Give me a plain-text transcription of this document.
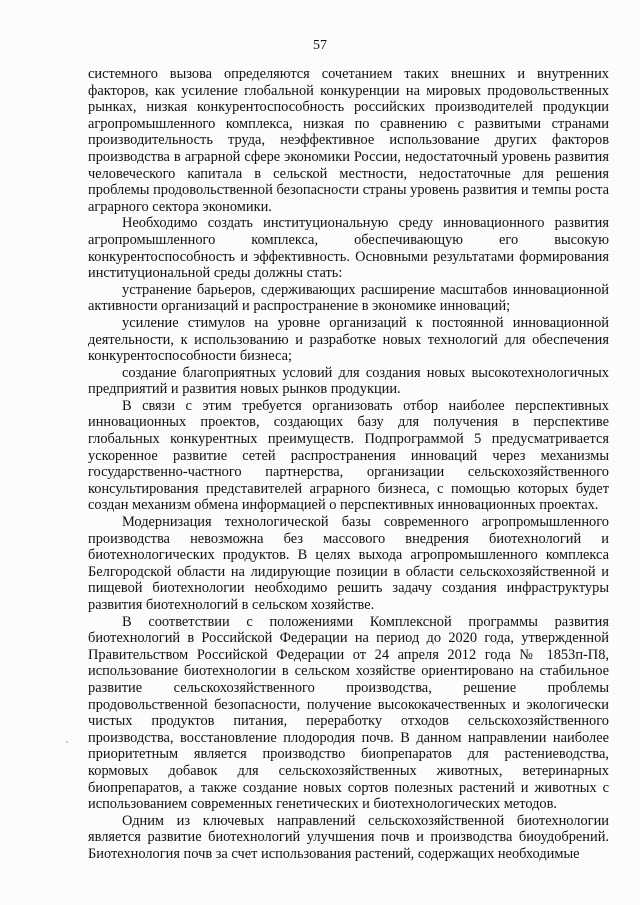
57

системного вызова определяются сочетанием таких внешних и внутренних факторов, как усиление глобальной конкуренции на мировых продовольственных рынках, низкая конкурентоспособность российских производителей продукции агропромышленного комплекса, низкая по сравнению с развитыми странами производительность труда, неэффективное использование других факторов производства в аграрной сфере экономики России, недостаточный уровень развития человеческого капитала в сельской местности, недостаточные для решения проблемы продовольственной безопасности страны уровень развития и темпы роста аграрного сектора экономики.

Необходимо создать институциональную среду инновационного развития агропромышленного комплекса, обеспечивающую его высокую конкурентоспособность и эффективность. Основными результатами формирования институциональной среды должны стать:

устранение барьеров, сдерживающих расширение масштабов инновационной активности организаций и распространение в экономике инноваций;

усиление стимулов на уровне организаций к постоянной инновационной деятельности, к использованию и разработке новых технологий для обеспечения конкурентоспособности бизнеса;

создание благоприятных условий для создания новых высокотехнологичных предприятий и развития новых рынков продукции.

В связи с этим требуется организовать отбор наиболее перспективных инновационных проектов, создающих базу для получения в перспективе глобальных конкурентных преимуществ. Подпрограммой 5 предусматривается ускоренное развитие сетей распространения инноваций через механизмы государственно-частного партнерства, организации сельскохозяйственного консультирования представителей аграрного бизнеса, с помощью которых будет создан механизм обмена информацией о перспективных инновационных проектах.

Модернизация технологической базы современного агропромышленного производства невозможна без массового внедрения биотехнологий и биотехнологических продуктов. В целях выхода агропромышленного комплекса Белгородской области на лидирующие позиции в области сельскохозяйственной и пищевой биотехнологии необходимо решить задачу создания инфраструктуры развития биотехнологий в сельском хозяйстве.

В соответствии с положениями Комплексной программы развития биотехнологий в Российской Федерации на период до 2020 года, утвержденной Правительством Российской Федерации от 24 апреля 2012 года № 1853п-П8, использование биотехнологии в сельском хозяйстве ориентировано на стабильное развитие сельскохозяйственного производства, решение проблемы продовольственной безопасности, получение высококачественных и экологически чистых продуктов питания, переработку отходов сельскохозяйственного производства, восстановление плодородия почв. В данном направлении наиболее приоритетным является производство биопрепаратов для растениеводства, кормовых добавок для сельскохозяйственных животных, ветеринарных биопрепаратов, а также создание новых сортов полезных растений и животных с использованием современных генетических и биотехнологических методов.

Одним из ключевых направлений сельскохозяйственной биотехнологии является развитие биотехнологий улучшения почв и производства биоудобрений. Биотехнология почв за счет использования растений, содержащих необходимые
